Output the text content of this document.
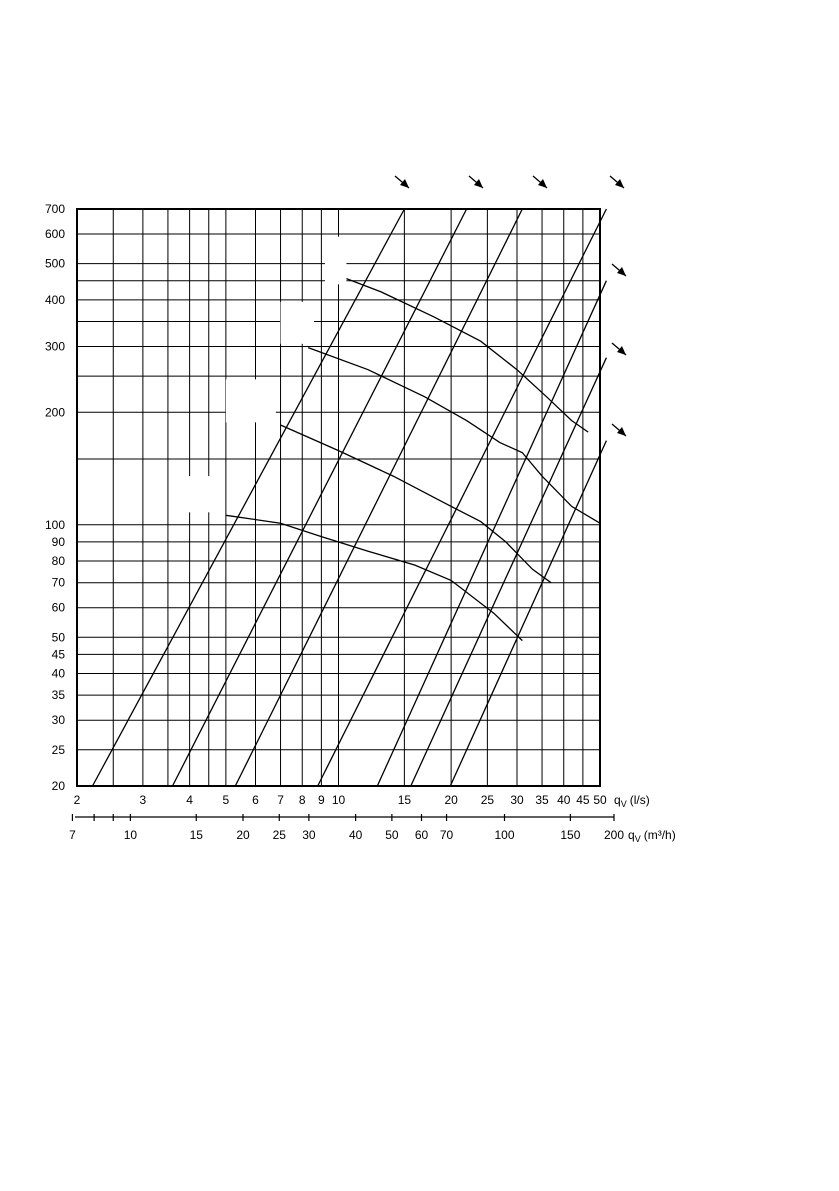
20
25
30
35
40
45
50
60
70
80
90
100
200
300
400
500
600
700
2	3	4 5 6 7 8 9 10	15	20 25 30 35 40 45 50
7	10	15	20 25 30	40 50 60 70	100	150 200
$q_V$ (l/s)
$q_V$ (m³/h)
